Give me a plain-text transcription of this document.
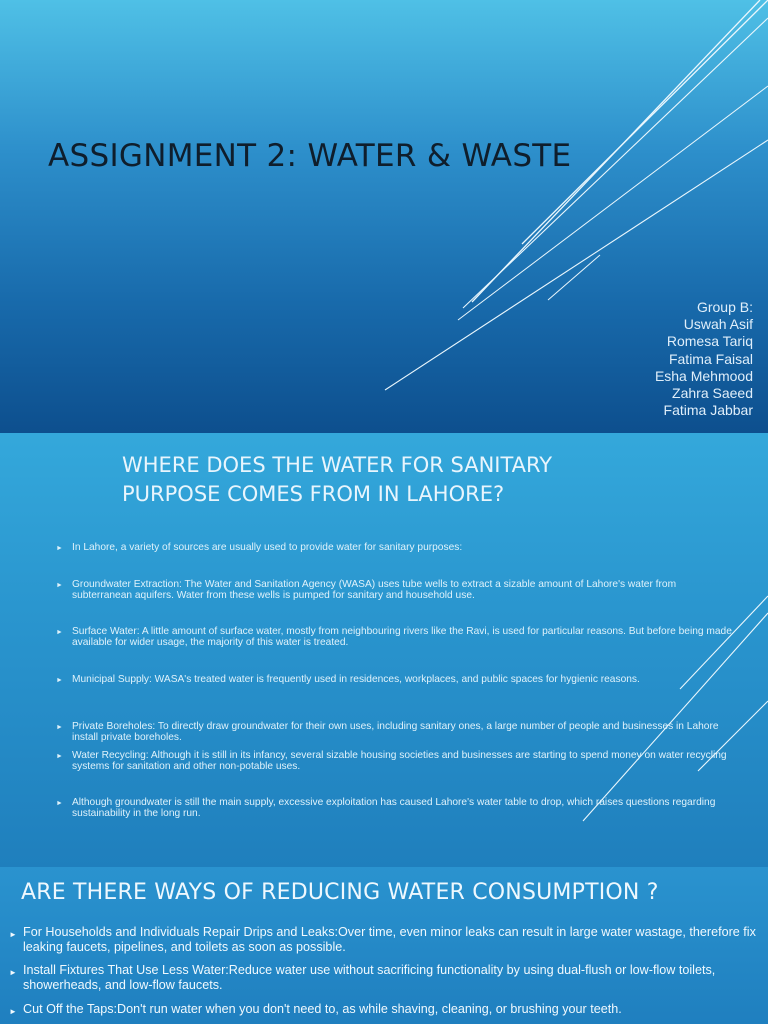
ASSIGNMENT 2: WATER & WASTE
Group B:
Uswah Asif
Romesa Tariq
Fatima Faisal
Esha Mehmood
Zahra Saeed
Fatima Jabbar
WHERE DOES THE WATER FOR SANITARY
PURPOSE COMES FROM IN LAHORE?
► In Lahore, a variety of sources are usually used to provide water for sanitary purposes:
► Groundwater Extraction: The Water and Sanitation Agency (WASA) uses tube wells to extract a sizable amount of Lahore's water from subterranean aquifers. Water from these wells is pumped for sanitary and household use.
► Surface Water: A little amount of surface water, mostly from neighbouring rivers like the Ravi, is used for particular reasons. But before being made available for wider usage, the majority of this water is treated.
► Municipal Supply: WASA's treated water is frequently used in residences, workplaces, and public spaces for hygienic reasons.
► Private Boreholes: To directly draw groundwater for their own uses, including sanitary ones, a large number of people and businesses in Lahore install private boreholes.
► Water Recycling: Although it is still in its infancy, several sizable housing societies and businesses are starting to spend money on water recycling systems for sanitation and other non-potable uses.
► Although groundwater is still the main supply, excessive exploitation has caused Lahore's water table to drop, which raises questions regarding sustainability in the long run.
ARE THERE WAYS OF REDUCING WATER CONSUMPTION ?
► For Households and Individuals Repair Drips and Leaks:Over time, even minor leaks can result in large water wastage, therefore fix leaking faucets, pipelines, and toilets as soon as possible.
► Install Fixtures That Use Less Water:Reduce water use without sacrificing functionality by using dual-flush or low-flow toilets, showerheads, and low-flow faucets.
► Cut Off the Taps:Don't run water when you don't need to, as while shaving, cleaning, or brushing your teeth.
